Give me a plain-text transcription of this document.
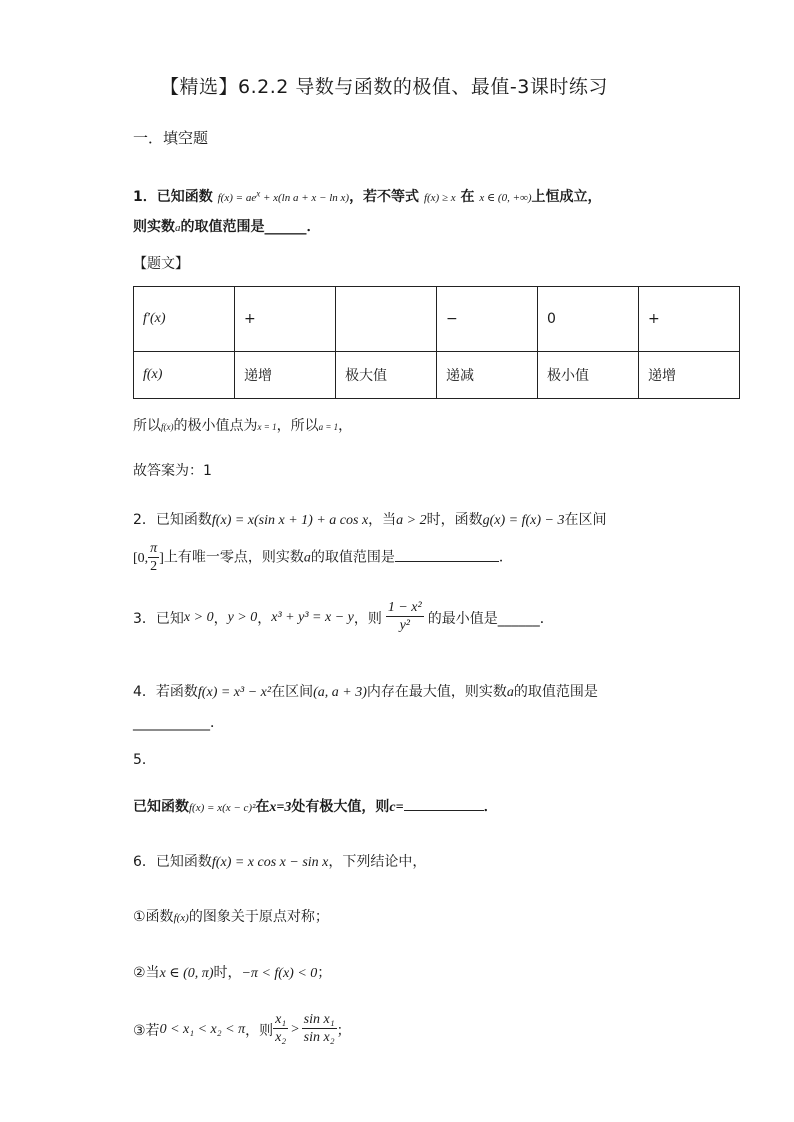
【精选】6.2.2 导数与函数的极值、最值-3课时练习
一．填空题
1．已知函数 $f(x) = ae^x + x(\ln$ a + x − ln x)，若不等式 f(x) ≥ x 在 x ∈ (0, +∞)上恒成立，
则实数a的取值范围是______．
【题文】
f′(x)	+		−	0	+
f(x)	递增	极大值	递减	极小值	递增
所以f(x)的极小值点为x = 1，所以a = 1，
故答案为：1
2．已知函数f(x) = x(sin x + 1) + a cos x，当a > 2时，函数g(x) = f(x) − 3在区间
[0, $\frac{\pi}{2}$ ] 上有唯一零点，则实数a的取值范围是	．
3． 已知 x > 0 ， y > 0 ， x³ + y³ = x − y ，则 $\frac{\text{1 − x²}}{\text{y²}}$ 的最小值是______．
4．若函数f(x) = x³ − x²在区间(a, a + 3)内存在最大值，则实数a的取值范围是
___________．
5．
已知函数f(x) = x(x − c)²在x=3处有极大值，则c=	．
6．已知函数f(x) = x cos x − sin x，下列结论中，
①函数f(x)的图象关于原点对称；
②当x ∈ (0, π)时，−π < f(x) < 0；
③若 0 < x₁ < x₂ < π ，则 $\frac{\text{x₁}}{\text{x₂}} > \frac{\text{sin x₁}}{\text{sin x₂}}$ ；
